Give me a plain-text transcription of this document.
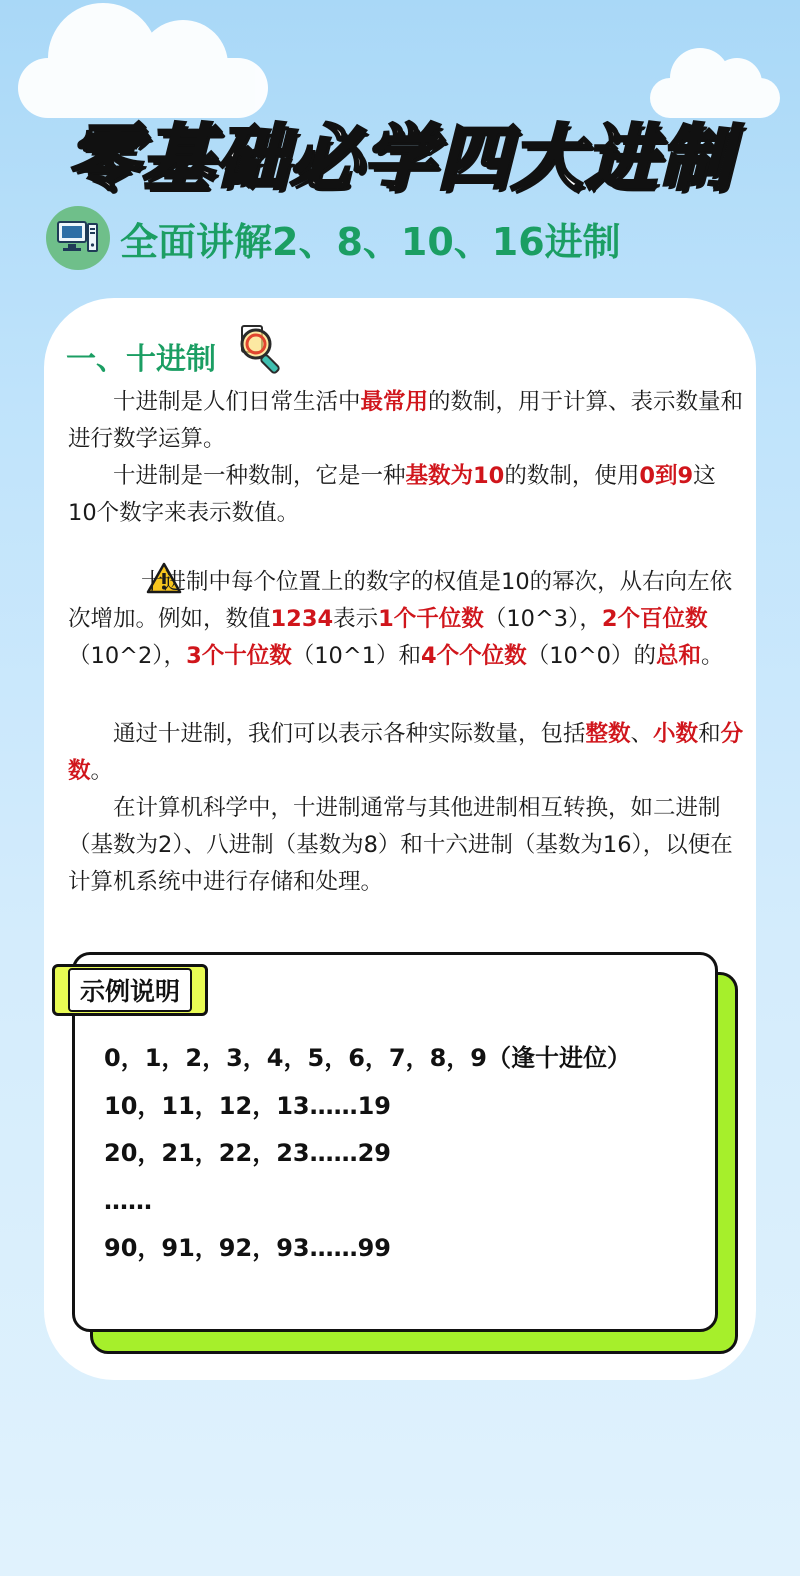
零基础必学四大进制
全面讲解2、8、10、16进制
一、十进制

十进制是人们日常生活中最常用的数制，用于计算、表示数量和进行数学运算。

十进制是一种数制，它是一种基数为10的数制，使用0到9这10个数字来表示数值。

十进制中每个位置上的数字的权值是10的幂次，从右向左依次增加。例如，数值1234表示1个千位数（10^3），2个百位数（10^2），3个十位数（10^1）和4个个位数（10^0）的总和。

通过十进制，我们可以表示各种实际数量，包括整数、小数和分数。

在计算机科学中，十进制通常与其他进制相互转换，如二进制（基数为2）、八进制（基数为8）和十六进制（基数为16），以便在计算机系统中进行存储和处理。

示例说明
0，1，2，3，4，5，6，7，8，9（逢十进位）
10，11，12，13……19
20，21，22，23……29
……
90，91，92，93……99
